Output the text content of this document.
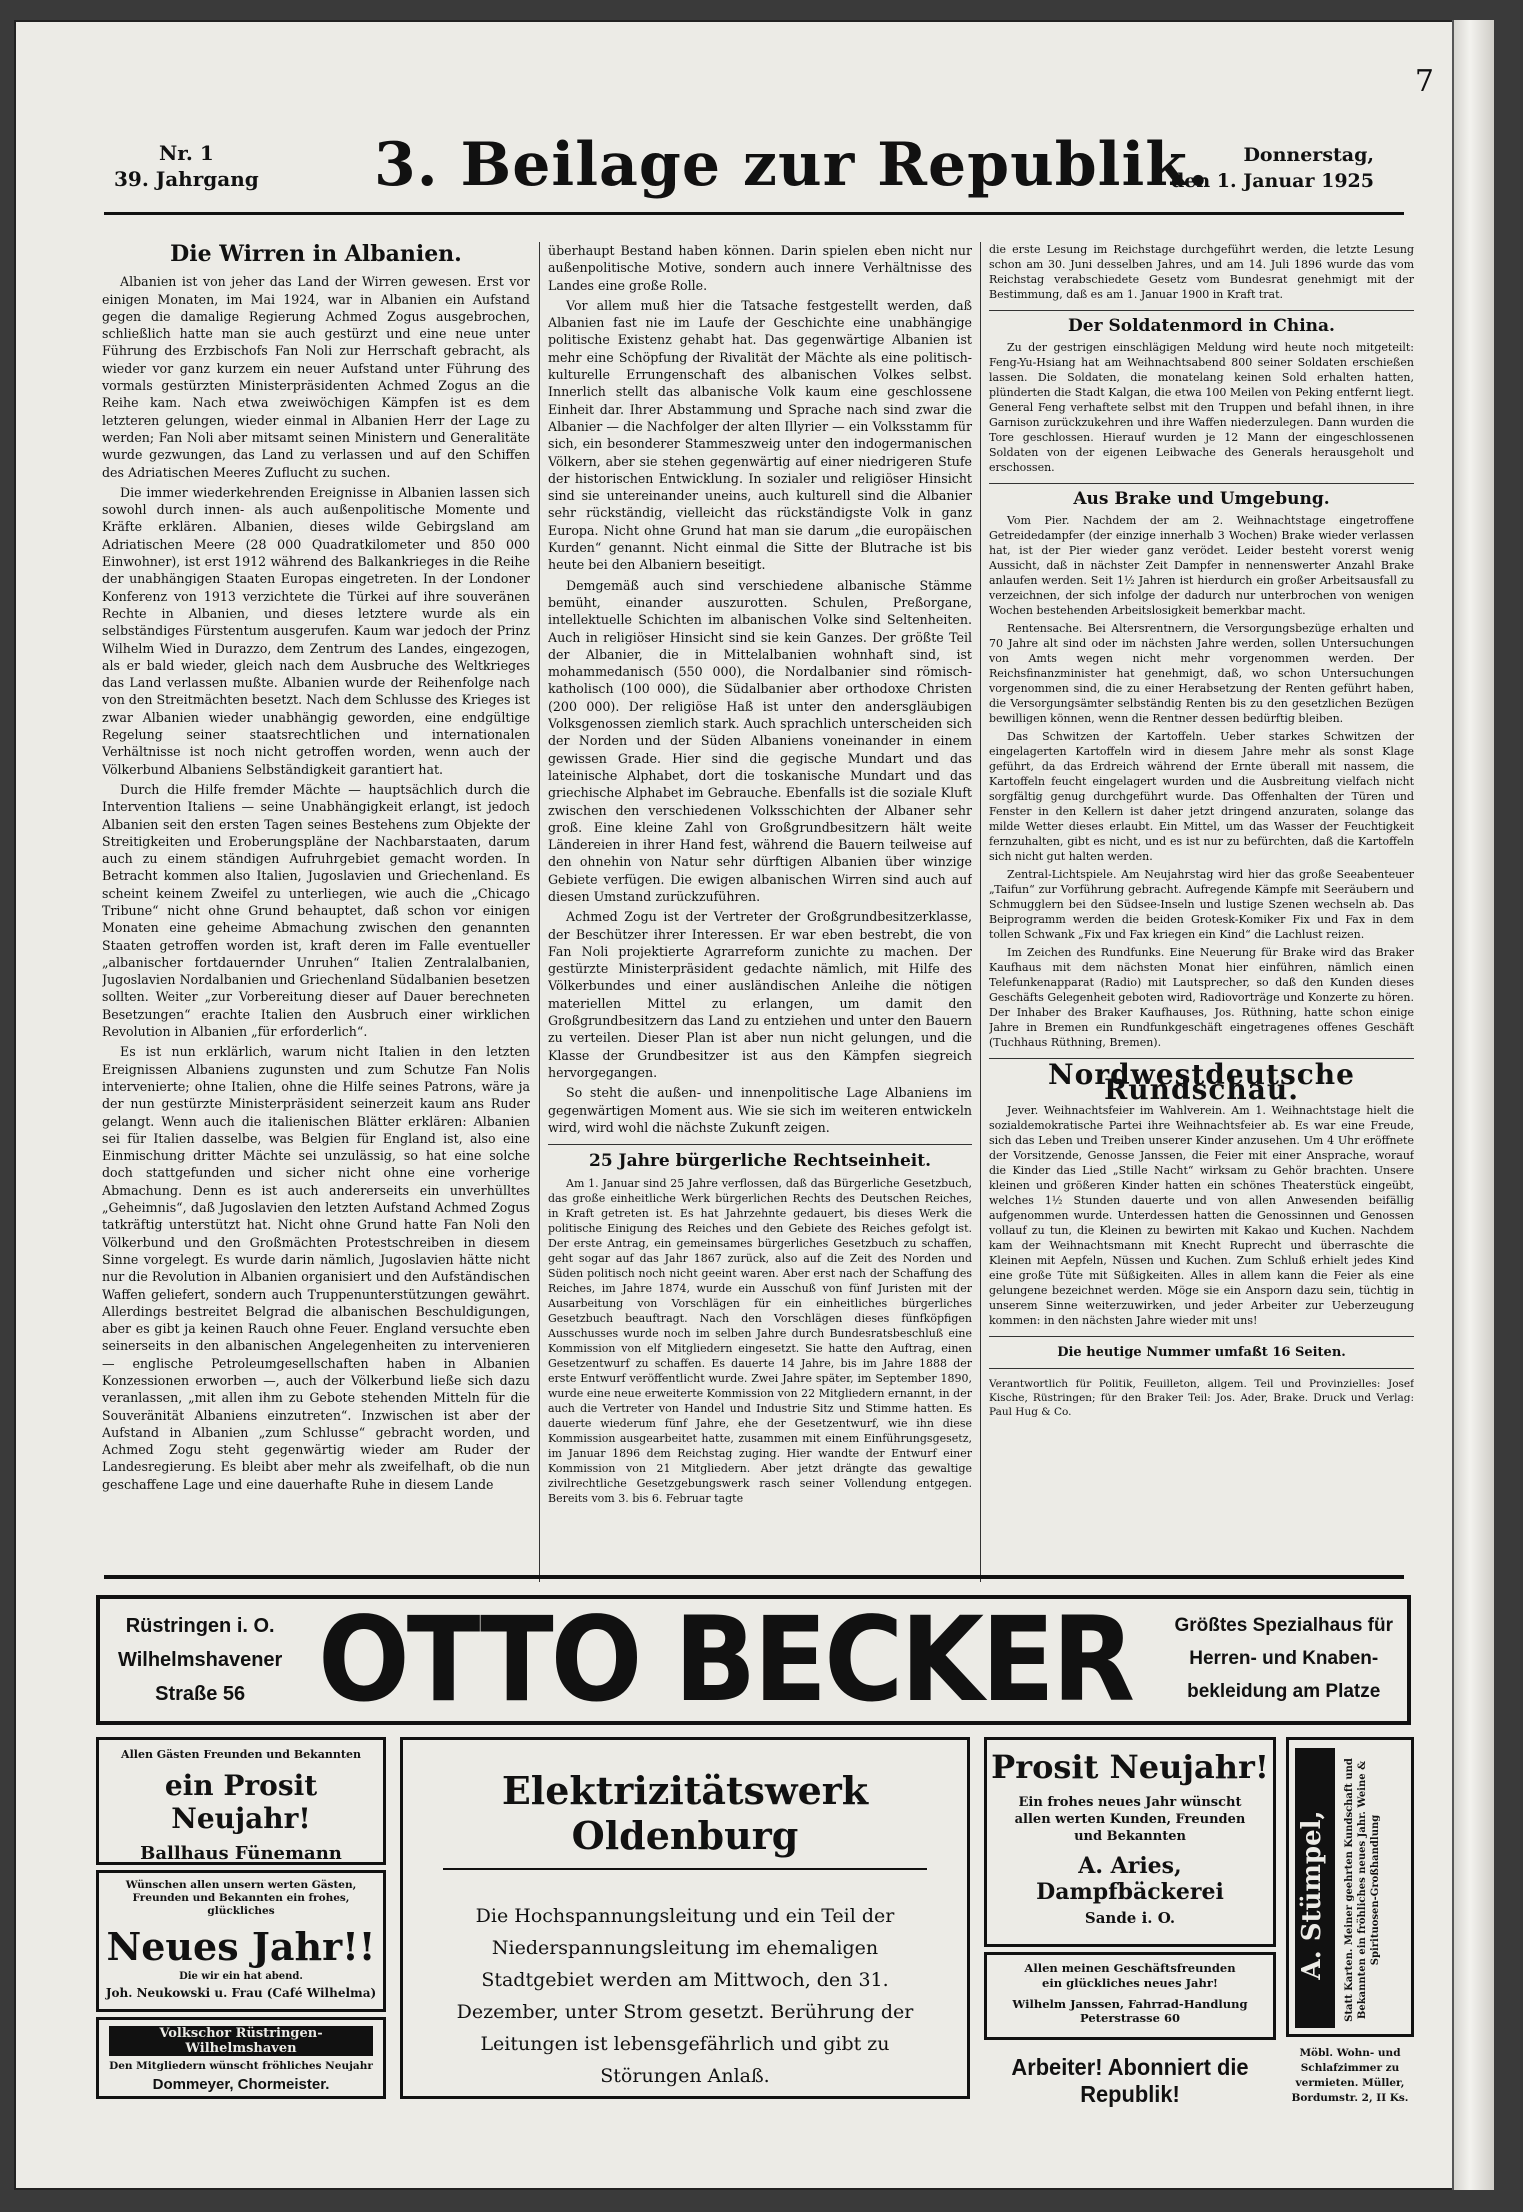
7
Nr. 1
39. Jahrgang 3. Beilage zur Republik.	Donnerstag,
den 1. Januar 1925
Die Wirren in Albanien.

Albanien ist von jeher das Land der Wirren gewesen. Erst vor einigen Monaten, im Mai 1924, war in Albanien ein Aufstand gegen die damalige Regierung Achmed Zogus ausgebrochen, schließlich hatte man sie auch gestürzt und eine neue unter Führung des Erzbischofs Fan Noli zur Herrschaft gebracht, als wieder vor ganz kurzem ein neuer Aufstand unter Führung des vormals gestürzten Ministerpräsidenten Achmed Zogus an die Reihe kam. Nach etwa zweiwöchigen Kämpfen ist es dem letzteren gelungen, wieder einmal in Albanien Herr der Lage zu werden; Fan Noli aber mitsamt seinen Ministern und Generalitäte wurde gezwungen, das Land zu verlassen und auf den Schiffen des Adriatischen Meeres Zuflucht zu suchen.

Die immer wiederkehrenden Ereignisse in Albanien lassen sich sowohl durch innen- als auch außenpolitische Momente und Kräfte erklären. Albanien, dieses wilde Gebirgsland am Adriatischen Meere (28 000 Quadratkilometer und 850 000 Einwohner), ist erst 1912 während des Balkankrieges in die Reihe der unabhängigen Staaten Europas eingetreten. In der Londoner Konferenz von 1913 verzichtete die Türkei auf ihre souveränen Rechte in Albanien, und dieses letztere wurde als ein selbständiges Fürstentum ausgerufen. Kaum war jedoch der Prinz Wilhelm Wied in Durazzo, dem Zentrum des Landes, eingezogen, als er bald wieder, gleich nach dem Ausbruche des Weltkrieges das Land verlassen mußte. Albanien wurde der Reihenfolge nach von den Streitmächten besetzt. Nach dem Schlusse des Krieges ist zwar Albanien wieder unabhängig geworden, eine endgültige Regelung seiner staatsrechtlichen und internationalen Verhältnisse ist noch nicht getroffen worden, wenn auch der Völkerbund Albaniens Selbständigkeit garantiert hat.

Durch die Hilfe fremder Mächte — hauptsächlich durch die Intervention Italiens — seine Unabhängigkeit erlangt, ist jedoch Albanien seit den ersten Tagen seines Bestehens zum Objekte der Streitigkeiten und Eroberungspläne der Nachbarstaaten, darum auch zu einem ständigen Aufruhrgebiet gemacht worden. In Betracht kommen also Italien, Jugoslavien und Griechenland. Es scheint keinem Zweifel zu unterliegen, wie auch die „Chicago Tribune“ nicht ohne Grund behauptet, daß schon vor einigen Monaten eine geheime Abmachung zwischen den genannten Staaten getroffen worden ist, kraft deren im Falle eventueller „albanischer fortdauernder Unruhen“ Italien Zentralalbanien, Jugoslavien Nordalbanien und Griechenland Südalbanien besetzen sollten. Weiter „zur Vorbereitung dieser auf Dauer berechneten Besetzungen“ erachte Italien den Ausbruch einer wirklichen Revolution in Albanien „für erforderlich“.

Es ist nun erklärlich, warum nicht Italien in den letzten Ereignissen Albaniens zugunsten und zum Schutze Fan Nolis intervenierte; ohne Italien, ohne die Hilfe seines Patrons, wäre ja der nun gestürzte Ministerpräsident seinerzeit kaum ans Ruder gelangt. Wenn auch die italienischen Blätter erklären: Albanien sei für Italien dasselbe, was Belgien für England ist, also eine Einmischung dritter Mächte sei unzulässig, so hat eine solche doch stattgefunden und sicher nicht ohne eine vorherige Abmachung. Denn es ist auch andererseits ein unverhülltes „Geheimnis“, daß Jugoslavien den letzten Aufstand Achmed Zogus tatkräftig unterstützt hat. Nicht ohne Grund hatte Fan Noli den Völkerbund und den Großmächten Protestschreiben in diesem Sinne vorgelegt. Es wurde darin nämlich, Jugoslavien hätte nicht nur die Revolution in Albanien organisiert und den Aufständischen Waffen geliefert, sondern auch Truppenunterstützungen gewährt. Allerdings bestreitet Belgrad die albanischen Beschuldigungen, aber es gibt ja keinen Rauch ohne Feuer. England versuchte eben seinerseits in den albanischen Angelegenheiten zu intervenieren — englische Petroleumgesellschaften haben in Albanien Konzessionen erworben —, auch der Völkerbund ließe sich dazu veranlassen, „mit allen ihm zu Gebote stehenden Mitteln für die Souveränität Albaniens einzutreten“. Inzwischen ist aber der Aufstand in Albanien „zum Schlusse“ gebracht worden, und Achmed Zogu steht gegenwärtig wieder am Ruder der Landesregierung. Es bleibt aber mehr als zweifelhaft, ob die nun geschaffene Lage und eine dauerhafte Ruhe in diesem Lande

überhaupt Bestand haben können. Darin spielen eben nicht nur außenpolitische Motive, sondern auch innere Verhältnisse des Landes eine große Rolle.

Vor allem muß hier die Tatsache festgestellt werden, daß Albanien fast nie im Laufe der Geschichte eine unabhängige politische Existenz gehabt hat. Das gegenwärtige Albanien ist mehr eine Schöpfung der Rivalität der Mächte als eine politisch-kulturelle Errungenschaft des albanischen Volkes selbst. Innerlich stellt das albanische Volk kaum eine geschlossene Einheit dar. Ihrer Abstammung und Sprache nach sind zwar die Albanier — die Nachfolger der alten Illyrier — ein Volksstamm für sich, ein besonderer Stammeszweig unter den indogermanischen Völkern, aber sie stehen gegenwärtig auf einer niedrigeren Stufe der historischen Entwicklung. In sozialer und religiöser Hinsicht sind sie untereinander uneins, auch kulturell sind die Albanier sehr rückständig, vielleicht das rückständigste Volk in ganz Europa. Nicht ohne Grund hat man sie darum „die europäischen Kurden“ genannt. Nicht einmal die Sitte der Blutrache ist bis heute bei den Albaniern beseitigt.

Demgemäß auch sind verschiedene albanische Stämme bemüht, einander auszurotten. Schulen, Preßorgane, intellektuelle Schichten im albanischen Volke sind Seltenheiten. Auch in religiöser Hinsicht sind sie kein Ganzes. Der größte Teil der Albanier, die in Mittelalbanien wohnhaft sind, ist mohammedanisch (550 000), die Nordalbanier sind römisch-katholisch (100 000), die Südalbanier aber orthodoxe Christen (200 000). Der religiöse Haß ist unter den andersgläubigen Volksgenossen ziemlich stark. Auch sprachlich unterscheiden sich der Norden und der Süden Albaniens voneinander in einem gewissen Grade. Hier sind die gegische Mundart und das lateinische Alphabet, dort die toskanische Mundart und das griechische Alphabet im Gebrauche. Ebenfalls ist die soziale Kluft zwischen den verschiedenen Volksschichten der Albaner sehr groß. Eine kleine Zahl von Großgrundbesitzern hält weite Ländereien in ihrer Hand fest, während die Bauern teilweise auf den ohnehin von Natur sehr dürftigen Albanien über winzige Gebiete verfügen. Die ewigen albanischen Wirren sind auch auf diesen Umstand zurückzuführen.

Achmed Zogu ist der Vertreter der Großgrundbesitzerklasse, der Beschützer ihrer Interessen. Er war eben bestrebt, die von Fan Noli projektierte Agrarreform zunichte zu machen. Der gestürzte Ministerpräsident gedachte nämlich, mit Hilfe des Völkerbundes und einer ausländischen Anleihe die nötigen materiellen Mittel zu erlangen, um damit den Großgrundbesitzern das Land zu entziehen und unter den Bauern zu verteilen. Dieser Plan ist aber nun nicht gelungen, und die Klasse der Grundbesitzer ist aus den Kämpfen siegreich hervorgegangen.

So steht die außen- und innenpolitische Lage Albaniens im gegenwärtigen Moment aus. Wie sie sich im weiteren entwickeln wird, wird wohl die nächste Zukunft zeigen.

25 Jahre bürgerliche Rechtseinheit.

Am 1. Januar sind 25 Jahre verflossen, daß das Bürgerliche Gesetzbuch, das große einheitliche Werk bürgerlichen Rechts des Deutschen Reiches, in Kraft getreten ist. Es hat Jahrzehnte gedauert, bis dieses Werk die politische Einigung des Reiches und den Gebiete des Reiches gefolgt ist. Der erste Antrag, ein gemeinsames bürgerliches Gesetzbuch zu schaffen, geht sogar auf das Jahr 1867 zurück, also auf die Zeit des Norden und Süden politisch noch nicht geeint waren. Aber erst nach der Schaffung des Reiches, im Jahre 1874, wurde ein Ausschuß von fünf Juristen mit der Ausarbeitung von Vorschlägen für ein einheitliches bürgerliches Gesetzbuch beauftragt. Nach den Vorschlägen dieses fünfköpfigen Ausschusses wurde noch im selben Jahre durch Bundesratsbeschluß eine Kommission von elf Mitgliedern eingesetzt. Sie hatte den Auftrag, einen Gesetzentwurf zu schaffen. Es dauerte 14 Jahre, bis im Jahre 1888 der erste Entwurf veröffentlicht wurde. Zwei Jahre später, im September 1890, wurde eine neue erweiterte Kommission von 22 Mitgliedern ernannt, in der auch die Vertreter von Handel und Industrie Sitz und Stimme hatten. Es dauerte wiederum fünf Jahre, ehe der Gesetzentwurf, wie ihn diese Kommission ausgearbeitet hatte, zusammen mit einem Einführungsgesetz, im Januar 1896 dem Reichstag zuging. Hier wandte der Entwurf einer Kommission von 21 Mitgliedern. Aber jetzt drängte das gewaltige zivilrechtliche Gesetzgebungswerk rasch seiner Vollendung entgegen. Bereits vom 3. bis 6. Februar tagte

die erste Lesung im Reichstage durchgeführt werden, die letzte Lesung schon am 30. Juni desselben Jahres, und am 14. Juli 1896 wurde das vom Reichstag verabschiedete Gesetz vom Bundesrat genehmigt mit der Bestimmung, daß es am 1. Januar 1900 in Kraft trat.

Der Soldatenmord in China.

Zu der gestrigen einschlägigen Meldung wird heute noch mitgeteilt: Feng-Yu-Hsiang hat am Weihnachtsabend 800 seiner Soldaten erschießen lassen. Die Soldaten, die monatelang keinen Sold erhalten hatten, plünderten die Stadt Kalgan, die etwa 100 Meilen von Peking entfernt liegt. General Feng verhaftete selbst mit den Truppen und befahl ihnen, in ihre Garnison zurückzukehren und ihre Waffen niederzulegen. Dann wurden die Tore geschlossen. Hierauf wurden je 12 Mann der eingeschlossenen Soldaten von der eigenen Leibwache des Generals herausgeholt und erschossen.

Aus Brake und Umgebung.

Vom Pier. Nachdem der am 2. Weihnachtstage eingetroffene Getreidedampfer (der einzige innerhalb 3 Wochen) Brake wieder verlassen hat, ist der Pier wieder ganz verödet. Leider besteht vorerst wenig Aussicht, daß in nächster Zeit Dampfer in nennenswerter Anzahl Brake anlaufen werden. Seit 1½ Jahren ist hierdurch ein großer Arbeitsausfall zu verzeichnen, der sich infolge der dadurch nur unterbrochen von wenigen Wochen bestehenden Arbeitslosigkeit bemerkbar macht.

Rentensache. Bei Altersrentnern, die Versorgungsbezüge erhalten und 70 Jahre alt sind oder im nächsten Jahre werden, sollen Untersuchungen von Amts wegen nicht mehr vorgenommen werden. Der Reichsfinanzminister hat genehmigt, daß, wo schon Untersuchungen vorgenommen sind, die zu einer Herabsetzung der Renten geführt haben, die Versorgungsämter selbständig Renten bis zu den gesetzlichen Bezügen bewilligen können, wenn die Rentner dessen bedürftig bleiben.

Das Schwitzen der Kartoffeln. Ueber starkes Schwitzen der eingelagerten Kartoffeln wird in diesem Jahre mehr als sonst Klage geführt, da das Erdreich während der Ernte überall mit nassem, die Kartoffeln feucht eingelagert wurden und die Ausbreitung vielfach nicht sorgfältig genug durchgeführt wurde. Das Offenhalten der Türen und Fenster in den Kellern ist daher jetzt dringend anzuraten, solange das milde Wetter dieses erlaubt. Ein Mittel, um das Wasser der Feuchtigkeit fernzuhalten, gibt es nicht, und es ist nur zu befürchten, daß die Kartoffeln sich nicht gut halten werden.

Zentral-Lichtspiele. Am Neujahrstag wird hier das große Seeabenteuer „Taifun“ zur Vorführung gebracht. Aufregende Kämpfe mit Seeräubern und Schmugglern bei den Südsee-Inseln und lustige Szenen wechseln ab. Das Beiprogramm werden die beiden Grotesk-Komiker Fix und Fax in dem tollen Schwank „Fix und Fax kriegen ein Kind“ die Lachlust reizen.

Im Zeichen des Rundfunks. Eine Neuerung für Brake wird das Braker Kaufhaus mit dem nächsten Monat hier einführen, nämlich einen Telefunkenapparat (Radio) mit Lautsprecher, so daß den Kunden dieses Geschäfts Gelegenheit geboten wird, Radiovorträge und Konzerte zu hören. Der Inhaber des Braker Kaufhauses, Jos. Rüthning, hatte schon einige Jahre in Bremen ein Rundfunkgeschäft eingetragenes offenes Geschäft (Tuchhaus Rüthning, Bremen).

Nordwestdeutsche Rundschau.

Jever. Weihnachtsfeier im Wahlverein. Am 1. Weihnachtstage hielt die sozialdemokratische Partei ihre Weihnachtsfeier ab. Es war eine Freude, sich das Leben und Treiben unserer Kinder anzusehen. Um 4 Uhr eröffnete der Vorsitzende, Genosse Janssen, die Feier mit einer Ansprache, worauf die Kinder das Lied „Stille Nacht“ wirksam zu Gehör brachten. Unsere kleinen und größeren Kinder hatten ein schönes Theaterstück eingeübt, welches 1½ Stunden dauerte und von allen Anwesenden beifällig aufgenommen wurde. Unterdessen hatten die Genossinnen und Genossen vollauf zu tun, die Kleinen zu bewirten mit Kakao und Kuchen. Nachdem kam der Weihnachtsmann mit Knecht Ruprecht und überraschte die Kleinen mit Aepfeln, Nüssen und Kuchen. Zum Schluß erhielt jedes Kind eine große Tüte mit Süßigkeiten. Alles in allem kann die Feier als eine gelungene bezeichnet werden. Möge sie ein Ansporn dazu sein, tüchtig in unserem Sinne weiterzuwirken, und jeder Arbeiter zur Ueberzeugung kommen: in den nächsten Jahre wieder mit uns!

Die heutige Nummer umfaßt 16 Seiten.
Verantwortlich für Politik, Feuilleton, allgem. Teil und Provinzielles: Josef Kische, Rüstringen; für den Braker Teil: Jos. Ader, Brake. Druck und Verlag: Paul Hug & Co.
Rüstringen i. O.
Wilhelmshavener
Straße 56 OTTO BECKER Größtes Spezialhaus für
Herren- und Knaben-
bekleidung am Platze
Allen Gästen Freunden und Bekannten
ein Prosit Neujahr!
Ballhaus Fünemann
Wünschen allen unsern werten Gästen, Freunden und Bekannten ein frohes, glückliches
Neues Jahr!!
Die wir ein hat abend.
Joh. Neukowski u. Frau (Café Wilhelma)
Volkschor Rüstringen-Wilhelmshaven
Den Mitgliedern wünscht fröhliches Neujahr
Dommeyer, Chormeister.
Elektrizitätswerk Oldenburg
Die Hochspannungsleitung und ein Teil der Niederspannungsleitung im ehemaligen Stadtgebiet werden am Mittwoch, den 31. Dezember, unter Strom gesetzt. Berührung der Leitungen ist lebensgefährlich und gibt zu Störungen Anlaß.
Prosit Neujahr!
Ein frohes neues Jahr wünscht allen werten Kunden, Freunden und Bekannten
A. Aries, Dampfbäckerei
Sande i. O.
Allen meinen Geschäftsfreunden ein glückliches neues Jahr!
Wilhelm Janssen, Fahrrad-Handlung
Peterstrasse 60
Arbeiter! Abonniert die Republik!
A. Stümpel, Statt Karten. Meiner geehrten Kundschaft und Bekannten ein fröhliches neues Jahr. Weine & Spirituosen-Großhandlung
Möbl. Wohn- und Schlafzimmer zu vermieten. Müller, Bordumstr. 2, II Ks.
